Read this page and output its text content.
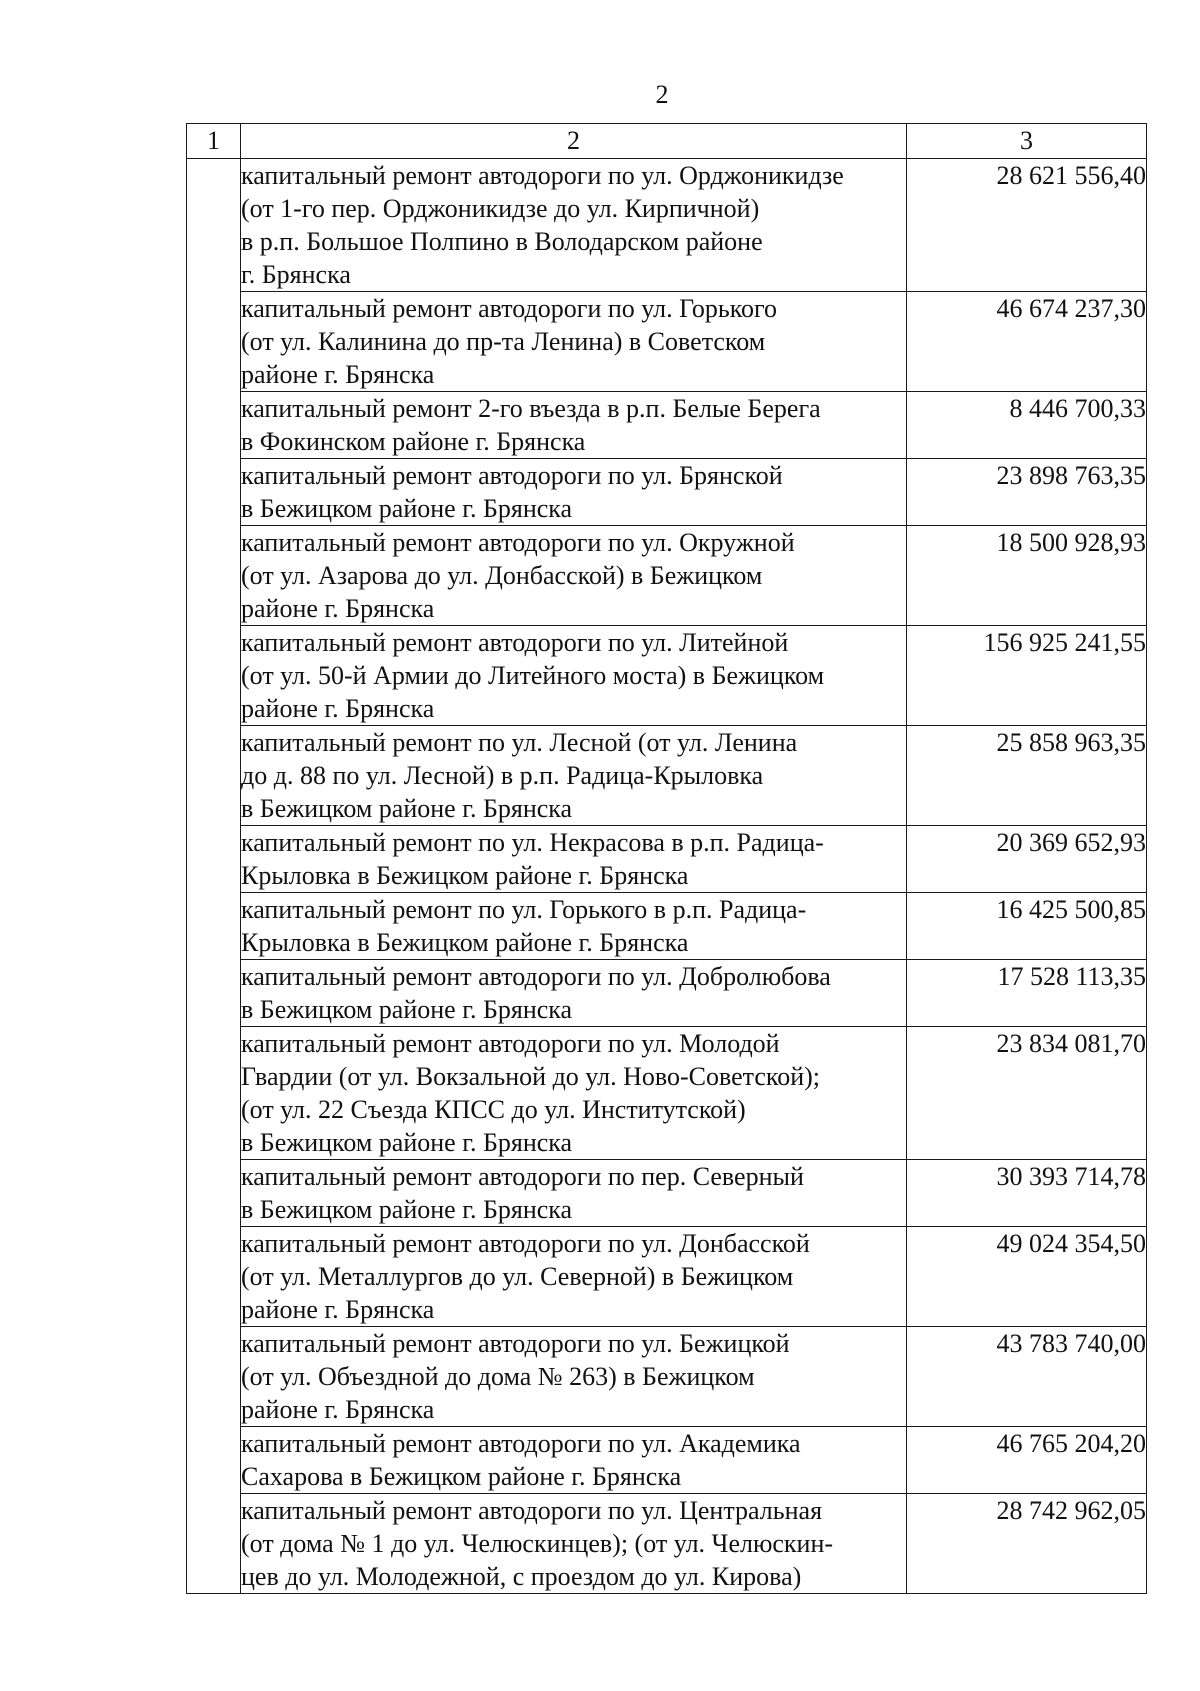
2
1	2	3
	капитальный ремонт автодороги по ул. Орджоникидзе
(от 1-го пер. Орджоникидзе до ул. Кирпичной)
в р.п. Большое Полпино в Володарском районе
г. Брянска	28 621 556,40
	капитальный ремонт автодороги по ул. Горького
(от ул. Калинина до пр-та Ленина) в Советском
районе г. Брянска	46 674 237,30
	капитальный ремонт 2-го въезда в р.п. Белые Берега
в Фокинском районе г. Брянска	8 446 700,33
	капитальный ремонт автодороги по ул. Брянской
в Бежицком районе г. Брянска	23 898 763,35
	капитальный ремонт автодороги по ул. Окружной
(от ул. Азарова до ул. Донбасской) в Бежицком
районе г. Брянска	18 500 928,93
	капитальный ремонт автодороги по ул. Литейной
(от ул. 50-й Армии до Литейного моста) в Бежицком
районе г. Брянска	156 925 241,55
	капитальный ремонт по ул. Лесной (от ул. Ленина
до д. 88 по ул. Лесной) в р.п. Радица-Крыловка
в Бежицком районе г. Брянска	25 858 963,35
	капитальный ремонт по ул. Некрасова в р.п. Радица-
Крыловка в Бежицком районе г. Брянска	20 369 652,93
	капитальный ремонт по ул. Горького в р.п. Радица-
Крыловка в Бежицком районе г. Брянска	16 425 500,85
	капитальный ремонт автодороги по ул. Добролюбова
в Бежицком районе г. Брянска	17 528 113,35
	капитальный ремонт автодороги по ул. Молодой
Гвардии (от ул. Вокзальной до ул. Ново-Советской);
(от ул. 22 Съезда КПСС до ул. Институтской)
в Бежицком районе г. Брянска	23 834 081,70
	капитальный ремонт автодороги по пер. Северный
в Бежицком районе г. Брянска	30 393 714,78
	капитальный ремонт автодороги по ул. Донбасской
(от ул. Металлургов до ул. Северной) в Бежицком
районе г. Брянска	49 024 354,50
	капитальный ремонт автодороги по ул. Бежицкой
(от ул. Объездной до дома № 263) в Бежицком
районе г. Брянска	43 783 740,00
	капитальный ремонт автодороги по ул. Академика
Сахарова в Бежицком районе г. Брянска	46 765 204,20
	капитальный ремонт автодороги по ул. Центральная
(от дома № 1 до ул. Челюскинцев); (от ул. Челюскин-
цев до ул. Молодежной, с проездом до ул. Кирова)	28 742 962,05
